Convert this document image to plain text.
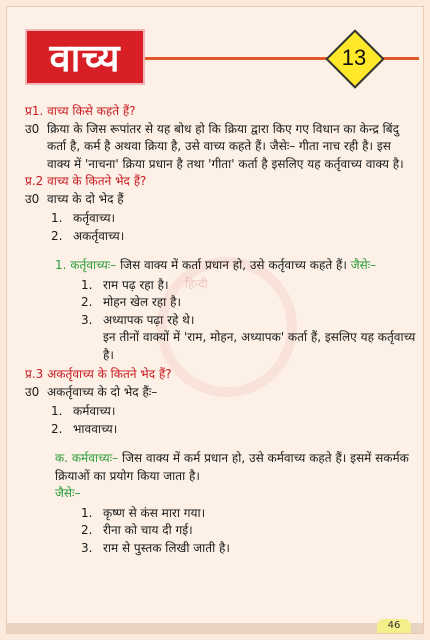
वाच्य	13
हिन्दी
प्र1. वाच्य किसे कहते हैं?
उ0 क्रिया के जिस रूपांतर से यह बोध हो कि क्रिया द्वारा किए गए विधान का केन्द्र बिंदु कर्ता है, कर्म है अथवा क्रिया है, उसे वाच्य कहते हैं। जैसेः– गीता नाच रही है। इस वाक्य में 'नाचना' क्रिया प्रधान है तथा 'गीता' कर्ता है इसलिए यह कर्तृवाच्य वाक्य है।
प्र.2 वाच्य के कितने भेद हैं?
उ0 वाच्य के दो भेद हैं
1. कर्तृवाच्य।
2. अकर्तृवाच्य।
1. कर्तृवाच्यः– जिस वाक्य में कर्ता प्रधान हो, उसे कर्तृवाच्य कहते हैं। जैसेः–
1. राम पढ़ रहा है।
2. मोहन खेल रहा है।
3. अध्यापक पढ़ा रहे थे।
इन तीनों वाक्यों में 'राम, मोहन, अध्यापक' कर्ता हैं, इसलिए यह कर्तृवाच्य है।
प्र.3 अकर्तृवाच्य के कितने भेद हैं?
उ0 अकर्तृवाच्य के दो भेद हैंः–
1. कर्मवाच्य।
2. भाववाच्य।
क. कर्मवाच्यः– जिस वाक्य में कर्म प्रधान हो, उसे कर्मवाच्य कहते हैं। इसमें सकर्मक क्रियाओं का प्रयोग किया जाता है।
जैसेः–
1. कृष्ण से कंस मारा गया।
2. रीना को चाय दी गई।
3. राम से पुस्तक लिखी जाती है।
46
